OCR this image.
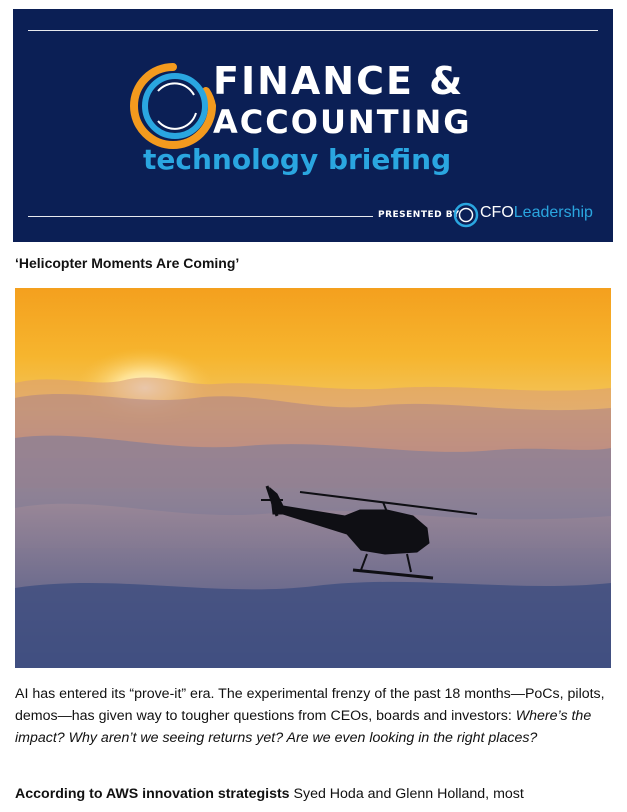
FINANCE &
ACCOUNTING
technology briefing
PRESENTED BY CFOLeadership
‘Helicopter Moments Are Coming’
AI has entered its “prove-it” era. The experimental frenzy of the past 18 months—PoCs, pilots, demos—has given way to tougher questions from CEOs, boards and investors: Where’s the impact? Why aren’t we seeing returns yet? Are we even looking in the right places?
According to AWS innovation strategists Syed Hoda and Glenn Holland, most
